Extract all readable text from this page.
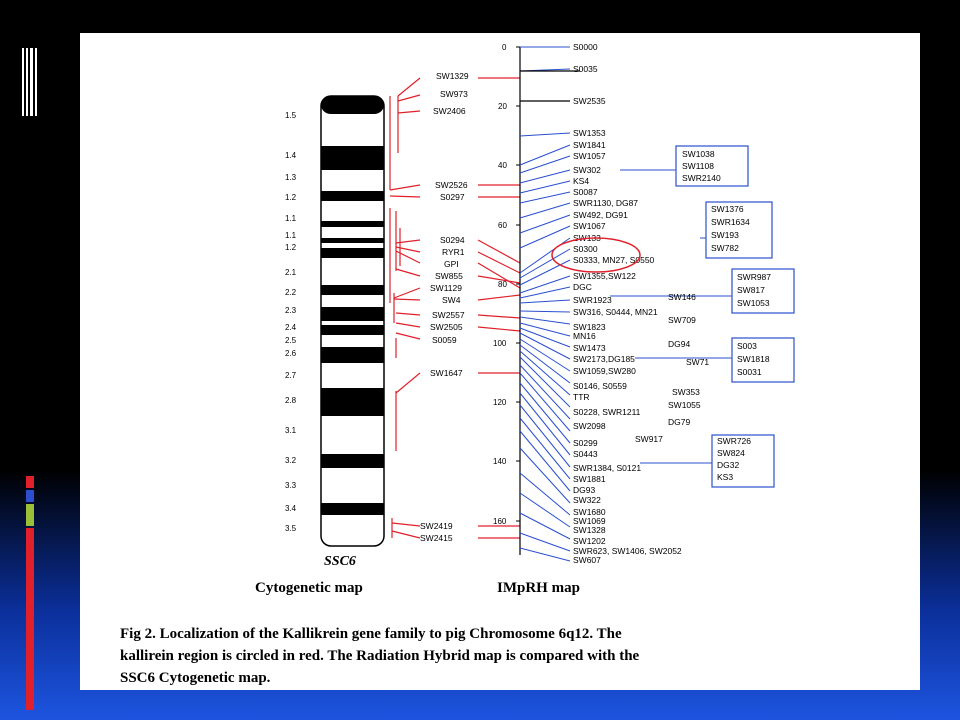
1.5
1.4
1.3
1.2
1.1
1.1
1.2
2.1
2.2
2.3
2.4
2.5
2.6
2.7
2.8
3.1
3.2
3.3
3.4
3.5
SW1329
SW973
SW2406
SW2526
S0297
S0294
RYR1
GPI
SW855
SW1129
SW4
SW2557
SW2505
S0059
SW1647
SW2419
SW2415
SSC6
Cytogenetic map
0
20
40
60
80
100
120
140
160
S0000
S0035
SW2535
SW1353
SW1841
SW1057
SW302
KS4
S0087
SWR1130, DG87
SW492, DG91
SW1067
SW133
S0300
S0333, MN27, S0550
SW1355,SW122
DGC
SWR1923
SW316, S0444, MN21
SW1823
MN16
SW1473
SW2173,DG185
SW1059,SW280
S0146, S0559
TTR
S0228, SWR1211
SW2098
S0299
S0443
SWR1384, S0121
SW1881
DG93
SW322
SW1680
SW1069
SW1328
SW1202
SWR623, SW1406, SW2052
SW607
SW146
SW709
DG94
SW71
SW353
SW1055
DG79
SW917
SW1038
SW1108
SWR2140
SW1376
SWR1634
SW193
SW782
SWR987
SW817
SW1053
S003
SW1818
S0031
SWR726
SW824
DG32
KS3
IMpRH map
Fig 2. Localization of the Kallikrein gene family to pig Chromosome 6q12. The
kallirein region is circled in red. The Radiation Hybrid map is compared with the
SSC6 Cytogenetic map.
